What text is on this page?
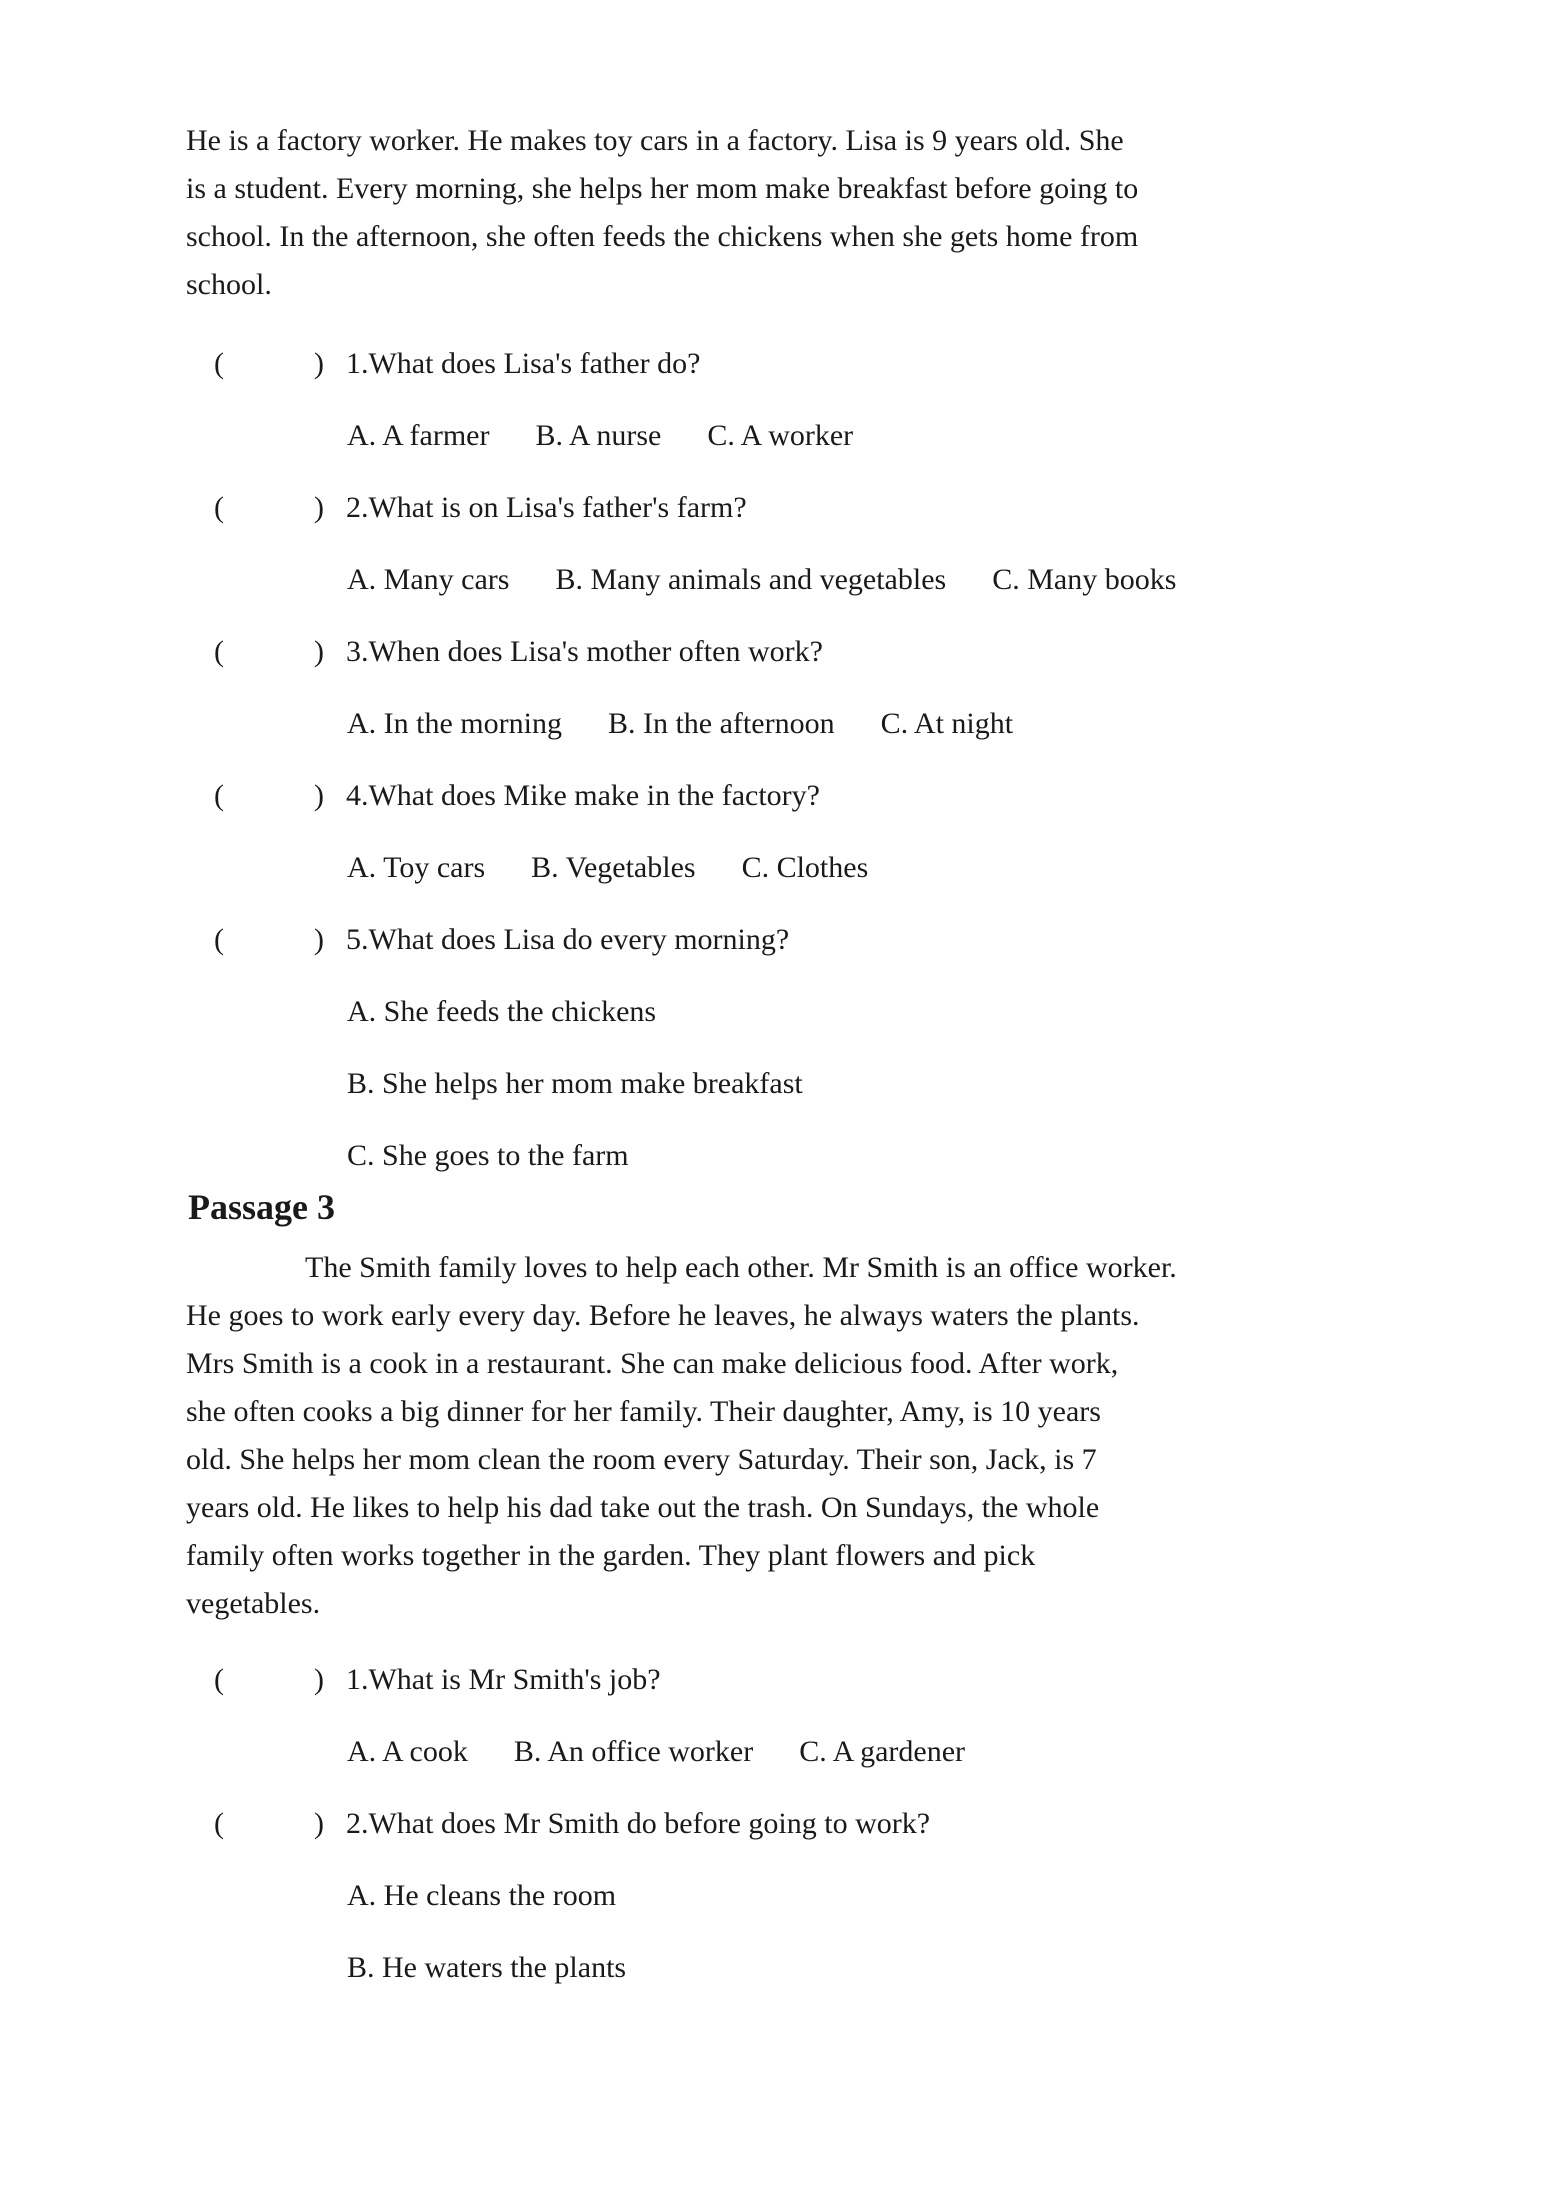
He is a factory worker. He makes toy cars in a factory. Lisa is 9 years old. She
is a student. Every morning, she helps her mom make breakfast before going to
school. In the afternoon, she often feeds the chickens when she gets home from
school.
(            ) 1.What does Lisa's father do?
A. A farmer B. A nurse C. A worker
(            ) 2.What is on Lisa's father's farm?
A. Many cars B. Many animals and vegetables C. Many books
(            ) 3.When does Lisa's mother often work?
A. In the morning B. In the afternoon C. At night
(            ) 4.What does Mike make in the factory?
A. Toy cars B. Vegetables C. Clothes
(            ) 5.What does Lisa do every morning?
A. She feeds the chickens
B. She helps her mom make breakfast
C. She goes to the farm
Passage 3
The Smith family loves to help each other. Mr Smith is an office worker.
He goes to work early every day. Before he leaves, he always waters the plants.
Mrs Smith is a cook in a restaurant. She can make delicious food. After work,
she often cooks a big dinner for her family. Their daughter, Amy, is 10 years
old. She helps her mom clean the room every Saturday. Their son, Jack, is 7
years old. He likes to help his dad take out the trash. On Sundays, the whole
family often works together in the garden. They plant flowers and pick
vegetables.
(            ) 1.What is Mr Smith's job?
A. A cook B. An office worker C. A gardener
(            ) 2.What does Mr Smith do before going to work?
A. He cleans the room
B. He waters the plants
